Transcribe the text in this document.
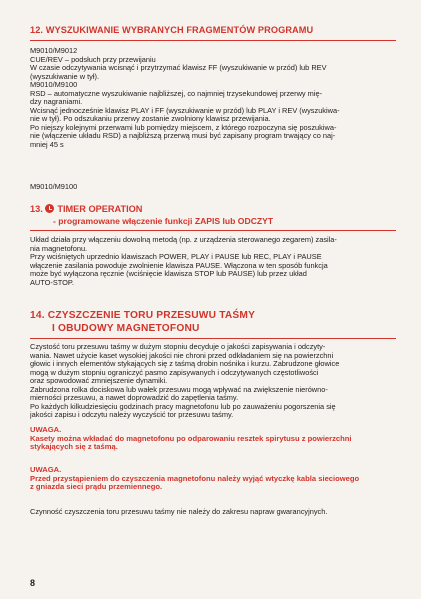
12. WYSZUKIWANIE WYBRANYCH FRAGMENTÓW PROGRAMU
M9010/M9012
CUE/REV – podsłuch przy przewijaniu
W czasie odczytywania wcisnąć i przytrzymać klawisz FF (wyszukiwanie w przód) lub REV
(wyszukiwanie w tył).
M9010/M9100
RSD – automatyczne wyszukiwanie najbliższej, co najmniej trzysekundowej przerwy mię-
dzy nagraniami.
Wcisnąć jednocześnie klawisz PLAY i FF (wyszukiwanie w przód) lub PLAY i REV (wyszukiwa-
nie w tył). Po odszukaniu przerwy zostanie zwolniony klawisz przewijania.
Po niejszy kolejnymi przerwami lub pomiędzy miejscem, z którego rozpoczyna się poszukiwa-
nie (włączenie układu RSD) a najbliższą przerwą musi być zapisany program trwający co naj-
mniej 45 s
M9010/M9100
13. TIMER OPERATION
- programowane włączenie funkcji ZAPIS lub ODCZYT
Układ działa przy włączeniu dowolną metodą (np. z urządzenia sterowanego zegarem) zasila-
nia magnetofonu.
Przy wciśniętych uprzednio klawiszach POWER, PLAY i PAUSE lub REC, PLAY i PAUSE
włączenie zasilania powoduje zwolnienie klawisza PAUSE. Włączona w ten sposób funkcja
może być wyłączona ręcznie (wciśnięcie klawisza STOP lub PAUSE) lub przez układ
AUTO-STOP.
14. CZYSZCZENIE TORU PRZESUWU TAŚMY
I OBUDOWY MAGNETOFONU
Czystość toru przesuwu taśmy w dużym stopniu decyduje o jakości zapisywania i odczyty-
wania. Nawet użycie kaset wysokiej jakości nie chroni przed odkładaniem się na powierzchni
głowic i innych elementów stykających się z taśmą drobin nośnika i kurzu. Zabrudzone głowice
mogą w dużym stopniu ograniczyć pasmo zapisywanych i odczytywanych częstotliwości
oraz spowodować zmniejszenie dynamiki.
Zabrudzona rolka dociskowa lub wałek przesuwu mogą wpływać na zwiększenie nierówno-
mierności przesuwu, a nawet doprowadzić do zapętlenia taśmy.
Po każdych kilkudziesięciu godzinach pracy magnetofonu lub po zauważeniu pogorszenia się
jakości zapisu i odczytu należy wyczyścić tor przesuwu taśmy.
UWAGA.
Kasety można wkładać do magnetofonu po odparowaniu resztek spirytusu z powierzchni
stykających się z taśmą.
UWAGA.
Przed przystąpieniem do czyszczenia magnetofonu należy wyjąć wtyczkę kabla sieciowego
z gniazda sieci prądu przemiennego.
Czynność czyszczenia toru przesuwu taśmy nie należy do zakresu napraw gwarancyjnych.
8
